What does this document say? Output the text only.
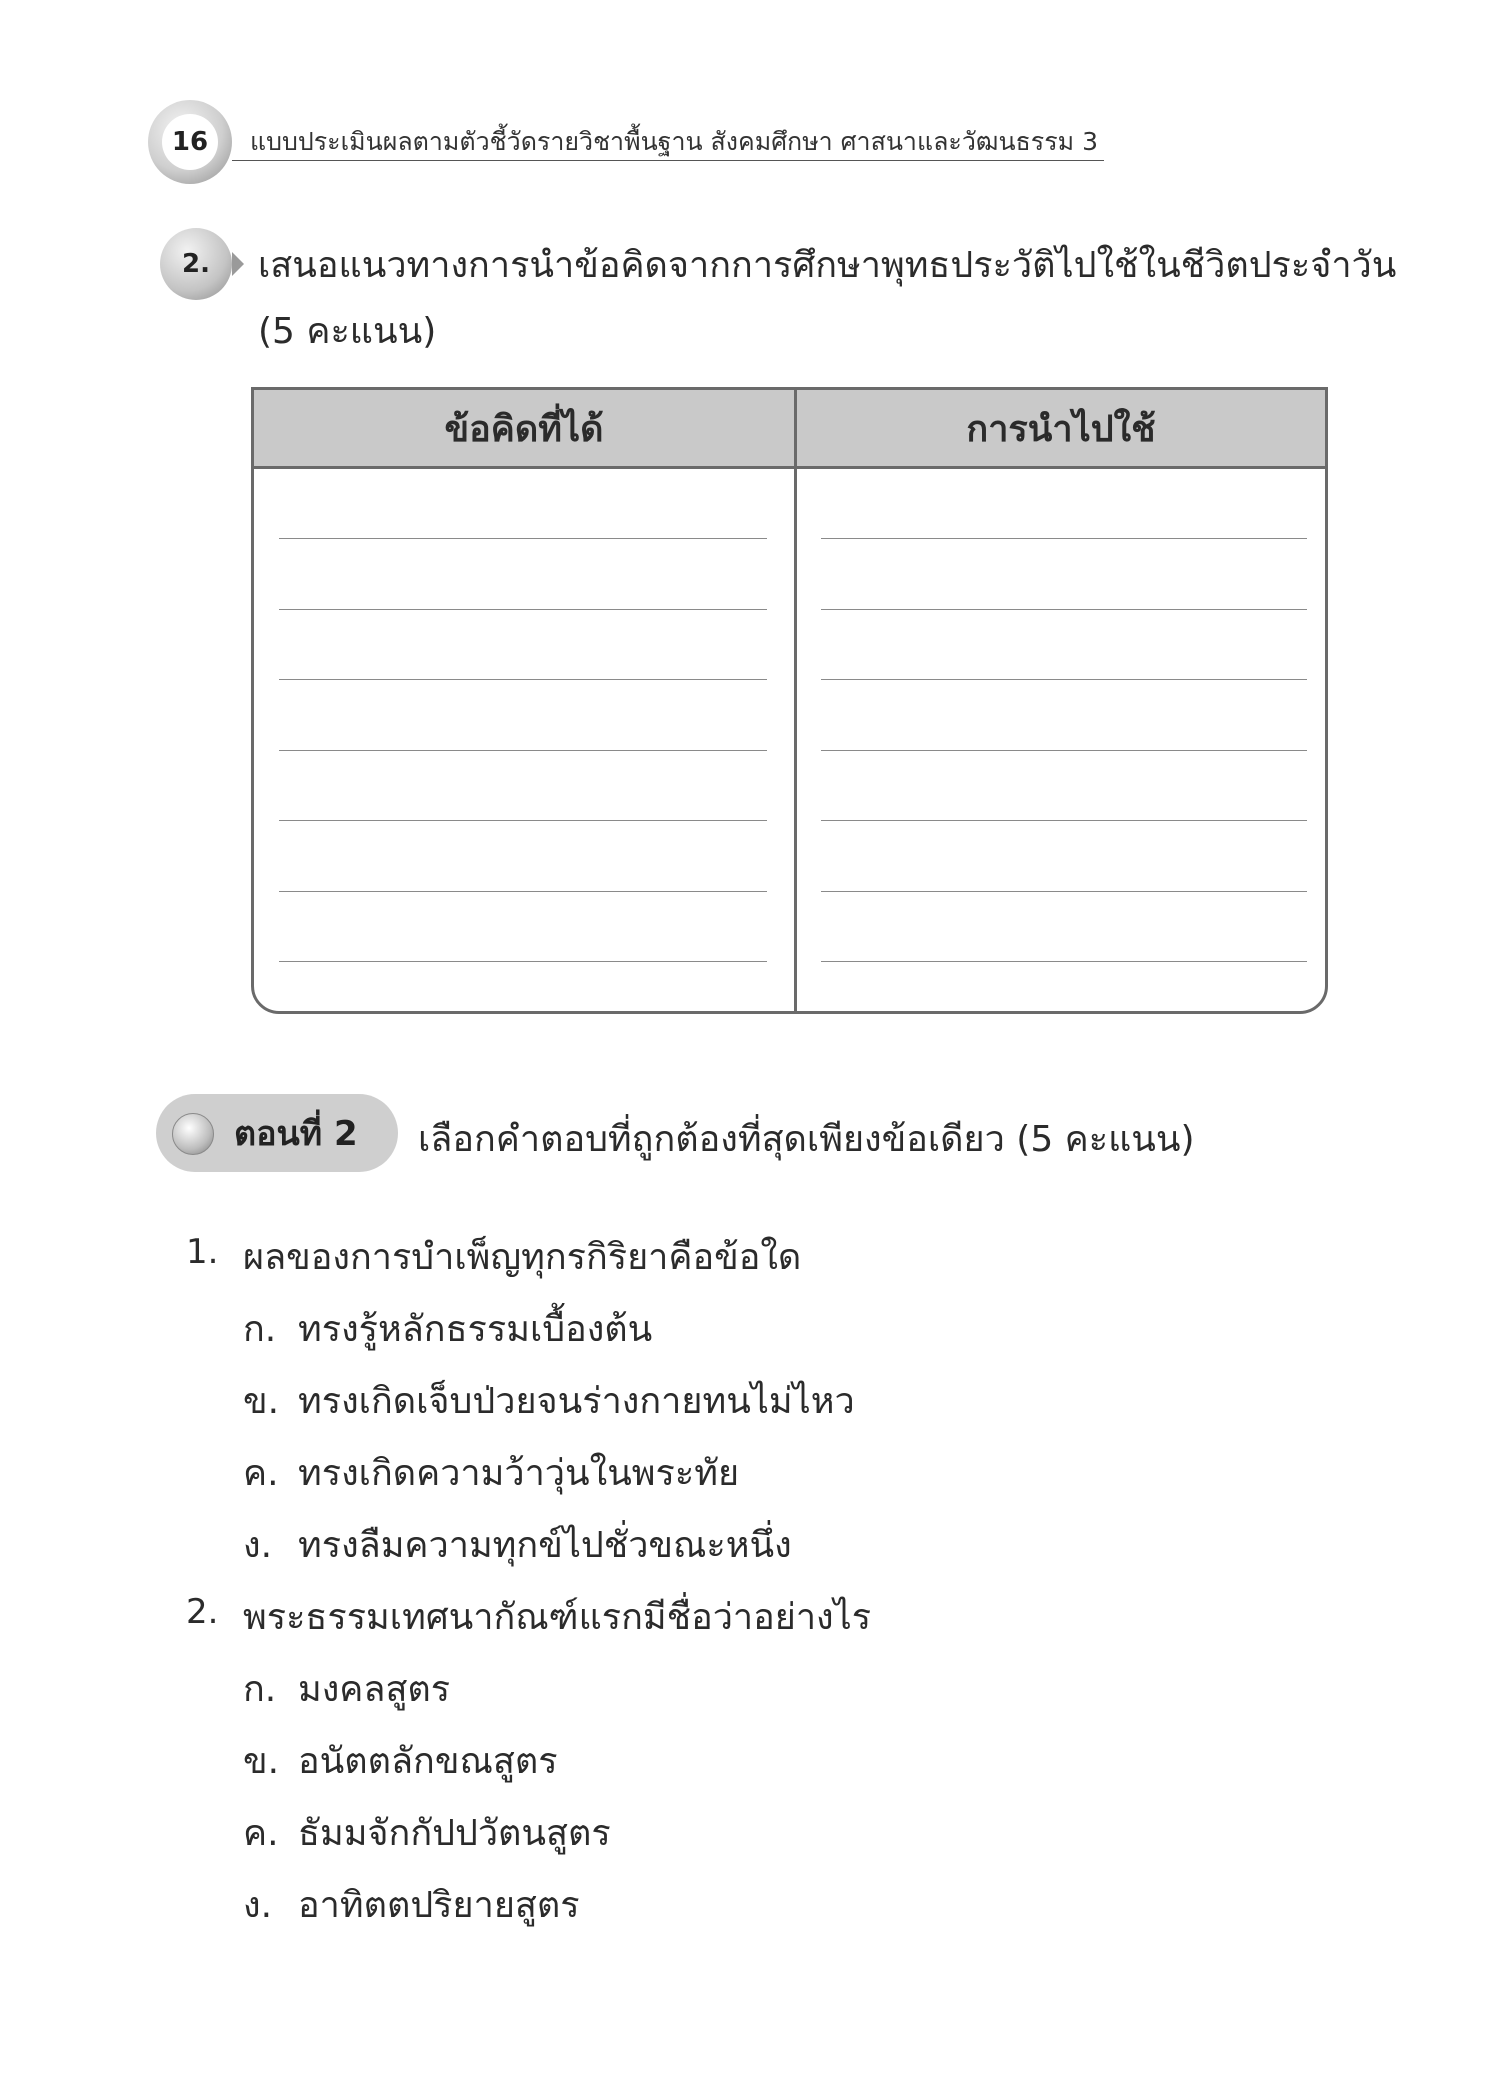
16	แบบประเมินผลตามตัวชี้วัดรายวิชาพื้นฐาน สังคมศึกษา ศาสนาและวัฒนธรรม 3
2.	เสนอแนวทางการนำข้อคิดจากการศึกษาพุทธประวัติไปใช้ในชีวิตประจำวัน
(5 คะแนน)
ข้อคิดที่ได้	การนำไปใช้
ตอนที่ 2 เลือกคำตอบที่ถูกต้องที่สุดเพียงข้อเดียว (5 คะแนน)
1. ผลของการบำเพ็ญทุกรกิริยาคือข้อใด
ก. ทรงรู้หลักธรรมเบื้องต้น
ข. ทรงเกิดเจ็บป่วยจนร่างกายทนไม่ไหว
ค. ทรงเกิดความว้าวุ่นในพระทัย
ง. ทรงลืมความทุกข์ไปชั่วขณะหนึ่ง
2. พระธรรมเทศนากัณฑ์แรกมีชื่อว่าอย่างไร
ก. มงคลสูตร
ข. อนัตตลักขณสูตร
ค. ธัมมจักกัปปวัตนสูตร
ง. อาทิตตปริยายสูตร
